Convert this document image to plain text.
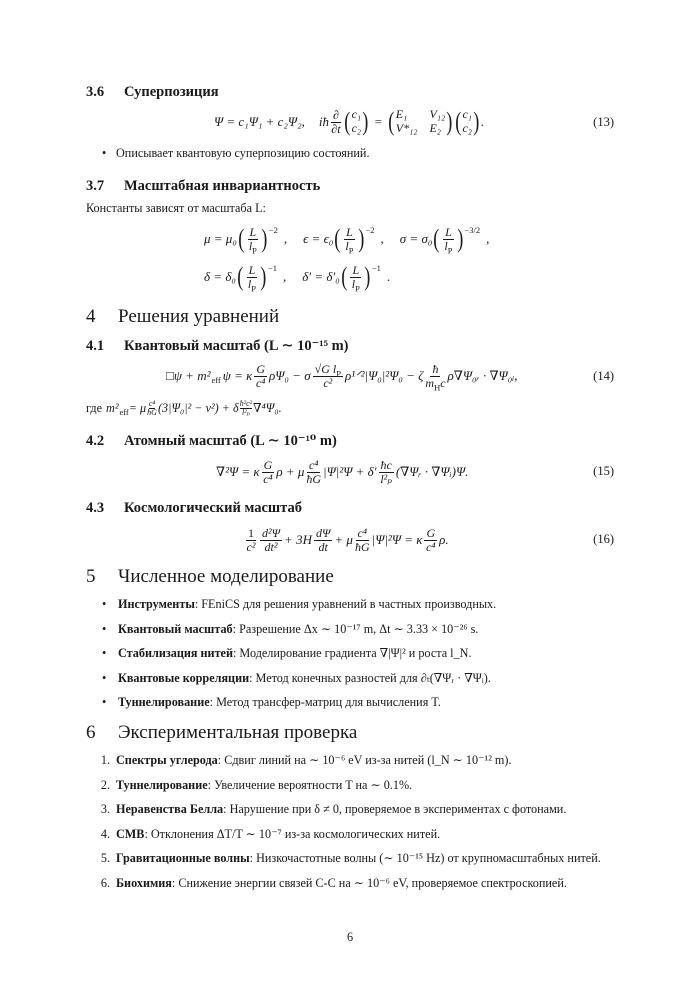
3.6 Суперпозиция
Ψ = c₁Ψ₁ + c₂Ψ₂, iħ $\frac{\partial}{\partial t}$ ( c₁
c₂ ) = ( E₁	V₁₂
V*₁₂ E₂ ) ( c₁
c₂ ) .	(13)
• Описывает квантовую суперпозицию состояний.
3.7 Масштабная инвариантность
Константы зависят от масштаба L:
μ = μ₀ ( $\frac{L}{l_P}$ ) −2
, ϵ = ϵ₀ ( $\frac{L}{l_P}$ ) −2
, σ = σ₀ ( $\frac{L}{l_P}$ ) −3/2
,
δ = δ₀ ( $\frac{L}{l_P}$ ) −1
, δ′ = δ′₀ ( $\frac{L}{l_P}$ ) −1
.
4 Решения уравнений
4.1 Квантовый масштаб (L ∼ 10⁻¹⁵ m)
□ψ + m²
eff ψ = κ $\frac{G}{\text{c⁴}} \rho\Psi_0 - \sigma \frac{√G l_P}{\text{c²}}$ ρ¹ᐟ²|Ψ₀|²Ψ₀ − ζ $\frac{ħ}{m_Hc}$ ρ∇Ψ₀ᵣ · ∇Ψ₀ᵢ,	(14)
где m²
eff = μ $\frac{\text{c⁴}}{ħG} (3|\Psi_0|^2 - v^2) + \delta \frac{\text{ħ²c²}}{\text{l²ₚ}} \nabla^4\Psi_0$.
4.2 Атомный масштаб (L ∼ 10⁻¹⁰ m)
∇²Ψ = κ $\frac{G}{\text{c⁴}}$ ρ + μ $\frac{\text{c⁴}}{ħG} |\Psi|^2\Psi + \delta' \frac{ħc}{\text{l²ₚ}}$ (∇Ψᵣ · ∇Ψᵢ)Ψ.	(15)
4.3 Космологический масштаб
$\frac{1}{\text{c²}} \frac{\text{d²Ψ}}{\text{dt²}} + 3H \frac{d\Psi}{dt} + \mu \frac{\text{c⁴}}{ħG} |\Psi|^2\Psi = \kappa \frac{G}{\text{c⁴}} \rho$.	(16)
5 Численное моделирование
• Инструменты: FEniCS для решения уравнений в частных производных.
• Квантовый масштаб: Разрешение Δx ∼ 10⁻¹⁷ m, Δt ∼ 3.33 × 10⁻²⁶ s.
• Стабилизация нитей: Моделирование градиента ∇|Ψ|² и роста l_N.
• Квантовые корреляции: Метод конечных разностей для ∂ₜ(∇Ψᵣ · ∇Ψᵢ).
• Туннелирование: Метод трансфер-матриц для вычисления T.
6 Экспериментальная проверка
1. Спектры углерода: Сдвиг линий на ∼ 10⁻⁶ eV из-за нитей (l_N ∼ 10⁻¹² m).
2. Туннелирование: Увеличение вероятности T на ∼ 0.1%.
3. Неравенства Белла: Нарушение при δ ≠ 0, проверяемое в экспериментах с фотонами.
4. CMB: Отклонения ΔT/T ∼ 10⁻⁷ из-за космологических нитей.
5. Гравитационные волны: Низкочастотные волны (∼ 10⁻¹⁵ Hz) от крупномасштабных нитей.
6. Биохимия: Снижение энергии связей C-C на ∼ 10⁻⁶ eV, проверяемое спектроскопией.
6
